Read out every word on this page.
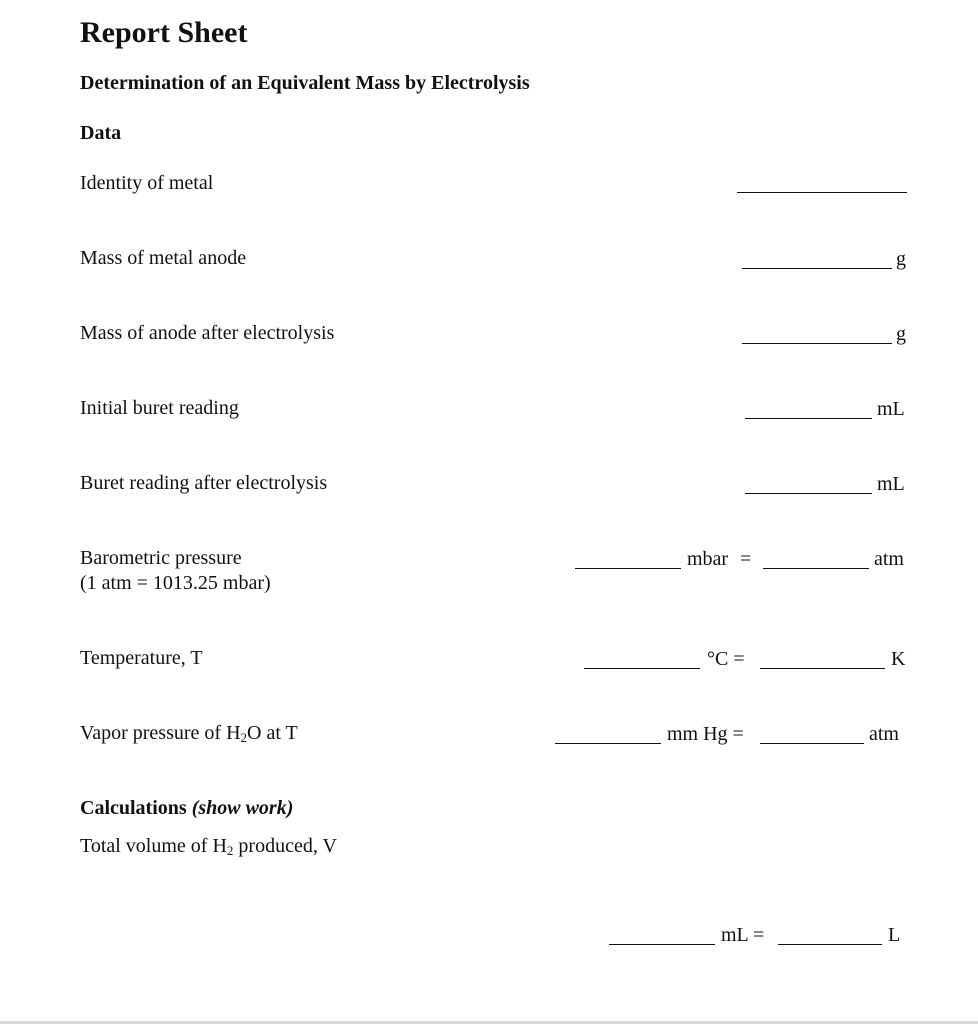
Report Sheet
Determination of an Equivalent Mass by Electrolysis
Data
Identity of metal
Mass of metal anode	g
Mass of anode after electrolysis	g
Initial buret reading	mL
Buret reading after electrolysis	mL
Barometric pressure
(1 atm = 1013.25 mbar)
mbar =	atm
Temperature, T	°C =	K
Vapor pressure of $H_2O$ at T	mm Hg =	atm
Calculations (show work)
Total volume of $H_2$ produced, V
mL =	L
